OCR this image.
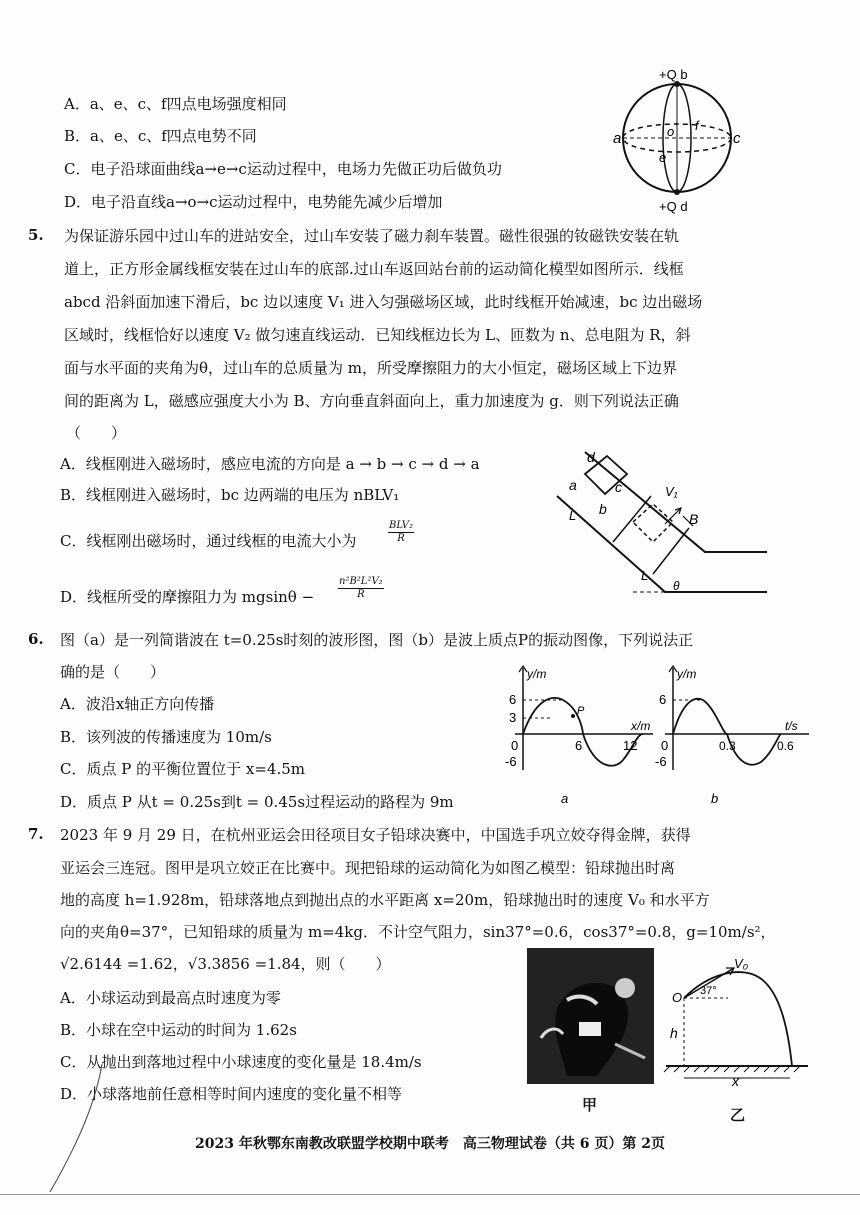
A．a、e、c、f四点电场强度相同
B．a、e、c、f四点电势不同
C．电子沿球面曲线a→e→c运动过程中，电场力先做正功后做负功
D．电子沿直线a→o→c运动过程中，电势能先减少后增加
+Q b
+Q d
a	c
o
e
f
5. 为保证游乐园中过山车的进站安全，过山车安装了磁力刹车装置。磁性很强的钕磁铁安装在轨
道上，正方形金属线框安装在过山车的底部.过山车返回站台前的运动简化模型如图所示．线框
abcd 沿斜面加速下滑后，bc 边以速度 V₁ 进入匀强磁场区域，此时线框开始减速，bc 边出磁场
区域时，线框恰好以速度 V₂ 做匀速直线运动．已知线框边长为 L、匝数为 n、总电阻为 R，斜
面与水平面的夹角为θ，过山车的总质量为 m，所受摩擦阻力的大小恒定，磁场区域上下边界
间的距离为 L，磁感应强度大小为 B、方向垂直斜面向上，重力加速度为 g．则下列说法正确
（　　）
A．线框刚进入磁场时，感应电流的方向是 a → b → c → d → a
B．线框刚进入磁场时，bc 边两端的电压为 nBLV₁
C．线框刚出磁场时，通过线框的电流大小为
BLV₂
R
D．线框所受的摩擦阻力为 $mgsin\theta - \frac{\text{n²B²L²V₂}}{R}$
d
a	c
b
L
V₁
B
L
θ
6. 图（a）是一列简谐波在 t=0.25s时刻的波形图，图（b）是波上质点P的振动图像，下列说法正
确的是（　　）
A．波沿x轴正方向传播
B．该列波的传播速度为 10m/s
C．质点 P 的平衡位置位于 x=4.5m
D．质点 P 从t = 0.25s到t = 0.45s过程运动的路程为 9m
y/m
x/m
6
3
0
-6
6	12
P
a
y/m
t/s
6
0
-6
0.3	0.6
b
7. 2023 年 9 月 29 日，在杭州亚运会田径项目女子铅球决赛中，中国选手巩立姣夺得金牌，获得
亚运会三连冠。图甲是巩立姣正在比赛中。现把铅球的运动简化为如图乙模型：铅球抛出时离
地的高度 h=1.928m，铅球落地点到抛出点的水平距离 x=20m，铅球抛出时的速度 V₀ 和水平方
向的夹角θ=37°，已知铅球的质量为 m=4kg．不计空气阻力，sin37°=0.6，cos37°=0.8，g=10m/s²，
√2.6144 =1.62，√3.3856 =1.84，则（　　）
A．小球运动到最高点时速度为零
B．小球在空中运动的时间为 1.62s
C．从抛出到落地过程中小球速度的变化量是 18.4m/s
D．小球落地前任意相等时间内速度的变化量不相等
甲
V₀
37°
O
h
x
乙
2023 年秋鄂东南教改联盟学校期中联考　高三物理试卷（共 6 页）第 2页
